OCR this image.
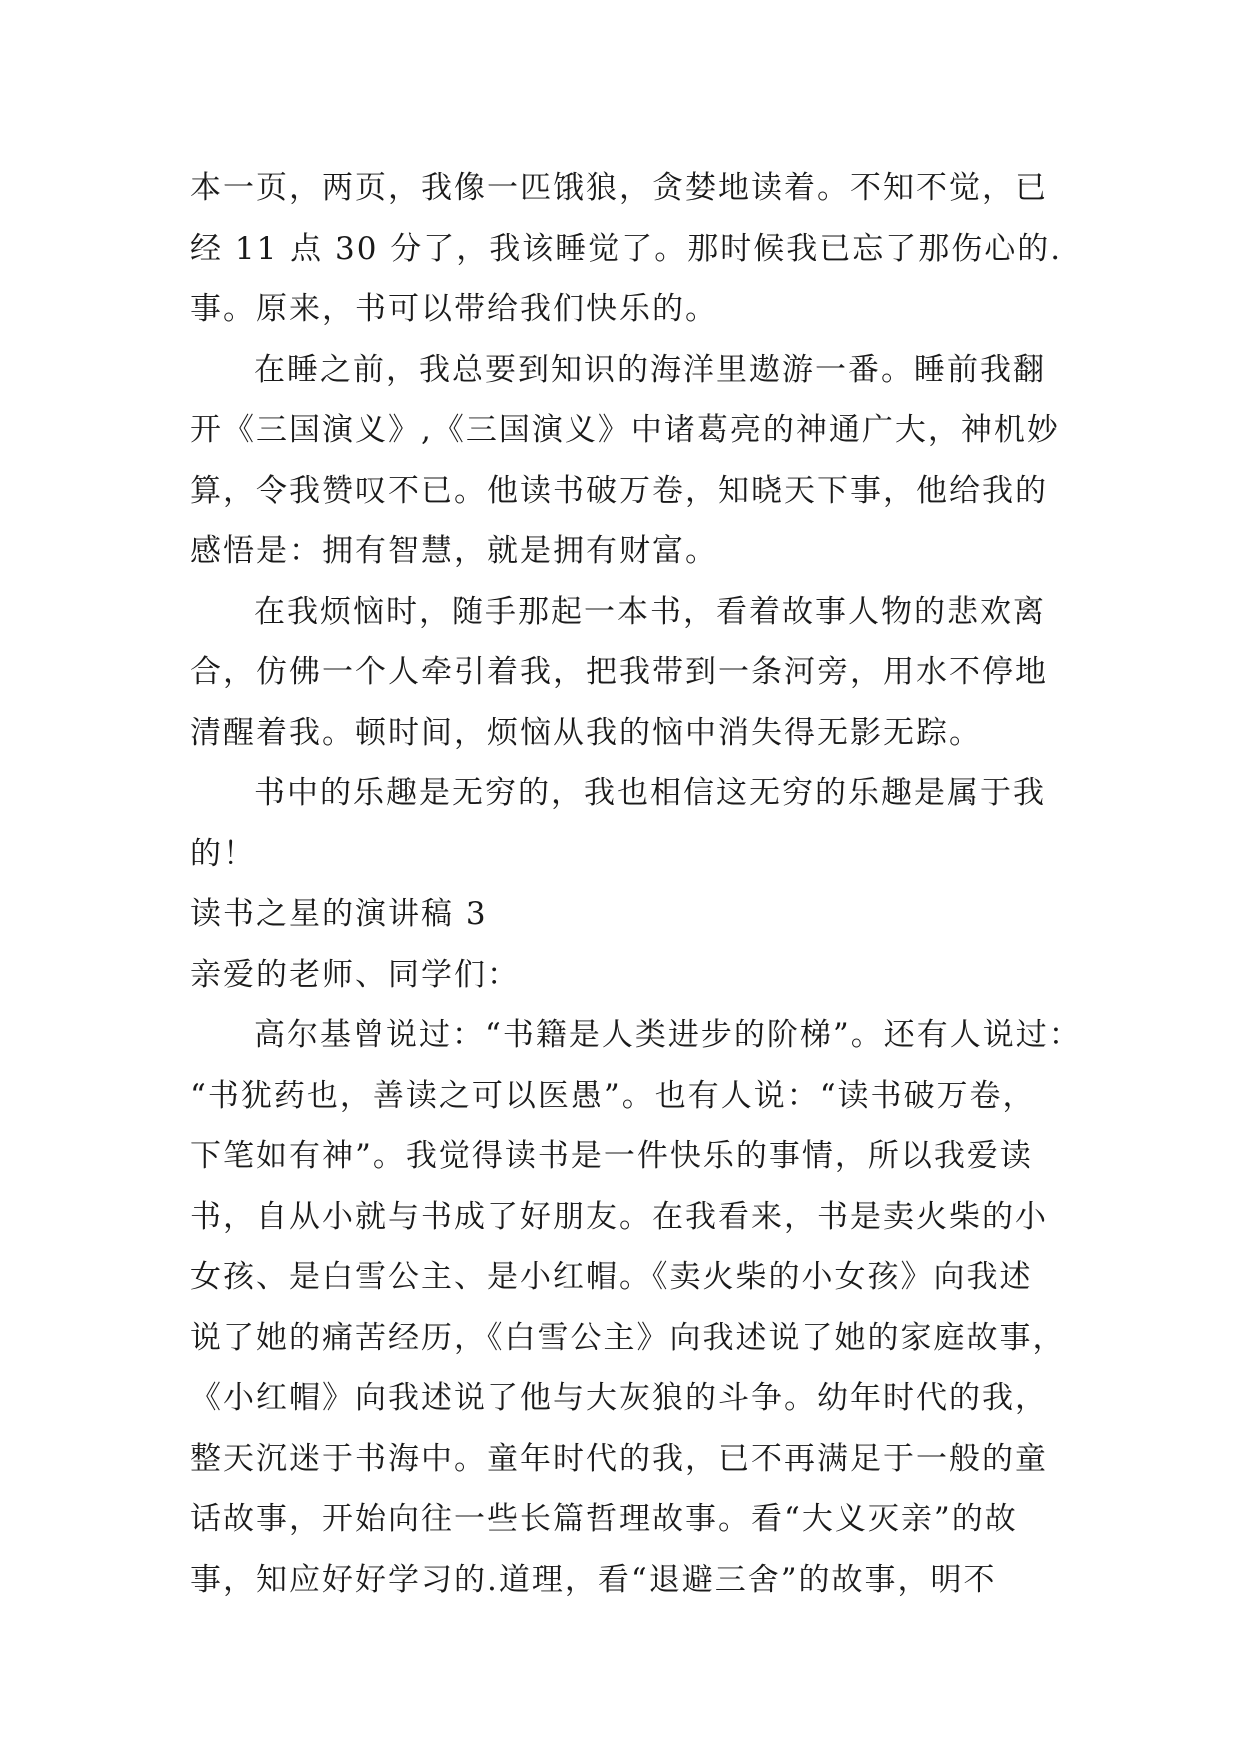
本一页，两页，我像一匹饿狼，贪婪地读着。不知不觉，已
经 11 点 30 分了，我该睡觉了。那时候我已忘了那伤心的.
事。原来，书可以带给我们快乐的。
在睡之前，我总要到知识的海洋里遨游一番。睡前我翻
开《三国演义》,《三国演义》中诸葛亮的神通广大，神机妙
算，令我赞叹不已。他读书破万卷，知晓天下事，他给我的
感悟是：拥有智慧，就是拥有财富。
在我烦恼时，随手那起一本书，看着故事人物的悲欢离
合，仿佛一个人牵引着我，把我带到一条河旁，用水不停地
清醒着我。顿时间，烦恼从我的恼中消失得无影无踪。
书中的乐趣是无穷的，我也相信这无穷的乐趣是属于我
的！
读书之星的演讲稿 3
亲爱的老师、同学们：
高尔基曾说过：“书籍是人类进步的阶梯”。还有人说过：
“书犹药也，善读之可以医愚”。也有人说：“读书破万卷，
下笔如有神”。我觉得读书是一件快乐的事情，所以我爱读
书，自从小就与书成了好朋友。在我看来，书是卖火柴的小
女孩、是白雪公主、是小红帽。《卖火柴的小女孩》向我述
说了她的痛苦经历，《白雪公主》向我述说了她的家庭故事，
《小红帽》向我述说了他与大灰狼的斗争。幼年时代的我，
整天沉迷于书海中。童年时代的我，已不再满足于一般的童
话故事，开始向往一些长篇哲理故事。看“大义灭亲”的故
事，知应好好学习的.道理，看“退避三舍”的故事，明不
